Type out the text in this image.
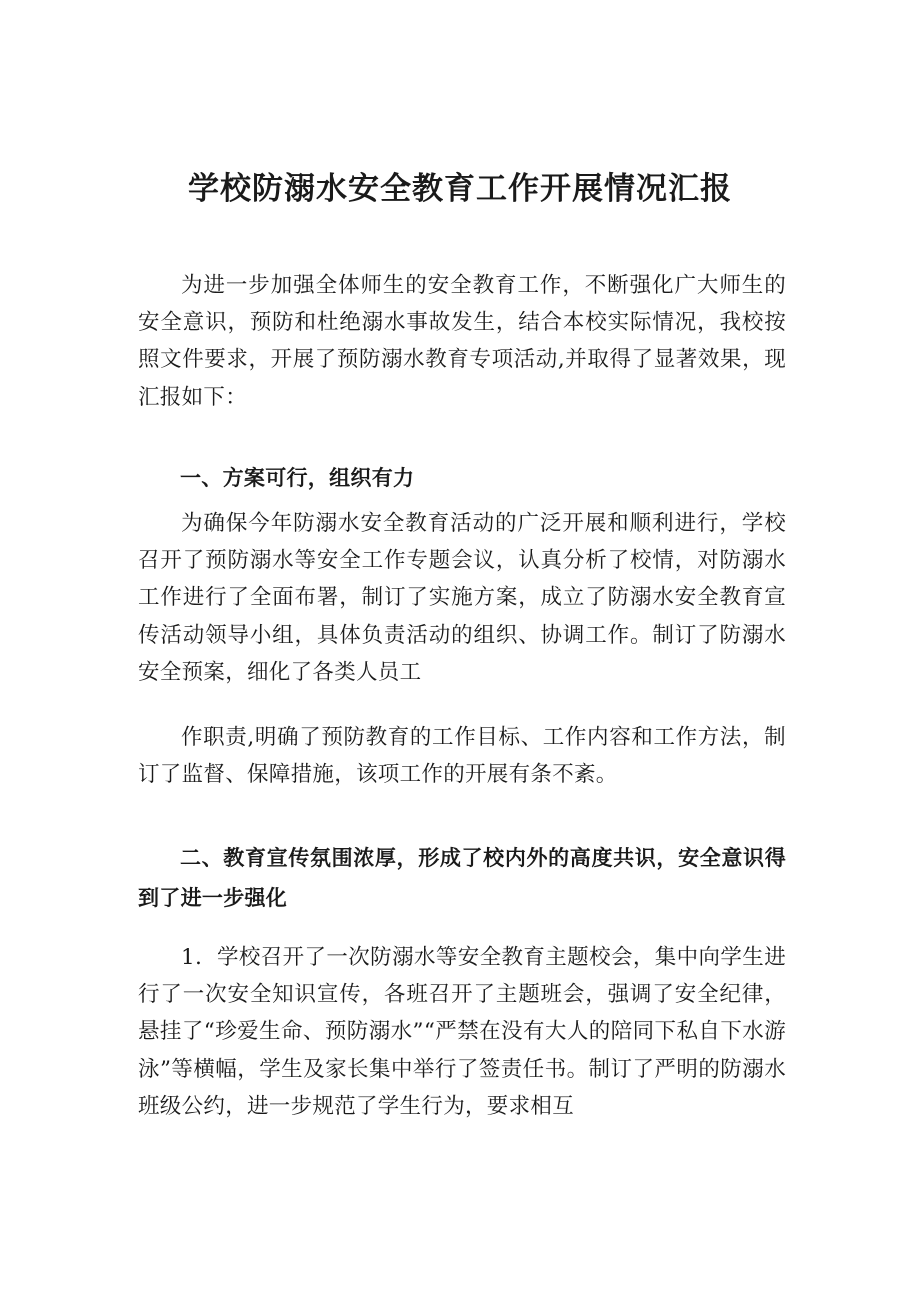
学校防溺水安全教育工作开展情况汇报

为进一步加强全体师生的安全教育工作，不断强化广大师生的安全意识，预防和杜绝溺水事故发生，结合本校实际情况，我校按照文件要求，开展了预防溺水教育专项活动,并取得了显著效果，现汇报如下：

一、方案可行，组织有力

为确保今年防溺水安全教育活动的广泛开展和顺利进行，学校召开了预防溺水等安全工作专题会议，认真分析了校情，对防溺水工作进行了全面布署，制订了实施方案，成立了防溺水安全教育宣传活动领导小组，具体负责活动的组织、协调工作。制订了防溺水安全预案，细化了各类人员工

作职责,明确了预防教育的工作目标、工作内容和工作方法，制订了监督、保障措施，该项工作的开展有条不紊。

二、教育宣传氛围浓厚，形成了校内外的高度共识，安全意识得到了进一步强化

1．学校召开了一次防溺水等安全教育主题校会，集中向学生进行了一次安全知识宣传，各班召开了主题班会，强调了安全纪律，悬挂了“珍爱生命、预防溺水”“严禁在没有大人的陪同下私自下水游泳”等横幅，学生及家长集中举行了签责任书。制订了严明的防溺水班级公约，进一步规范了学生行为，要求相互
